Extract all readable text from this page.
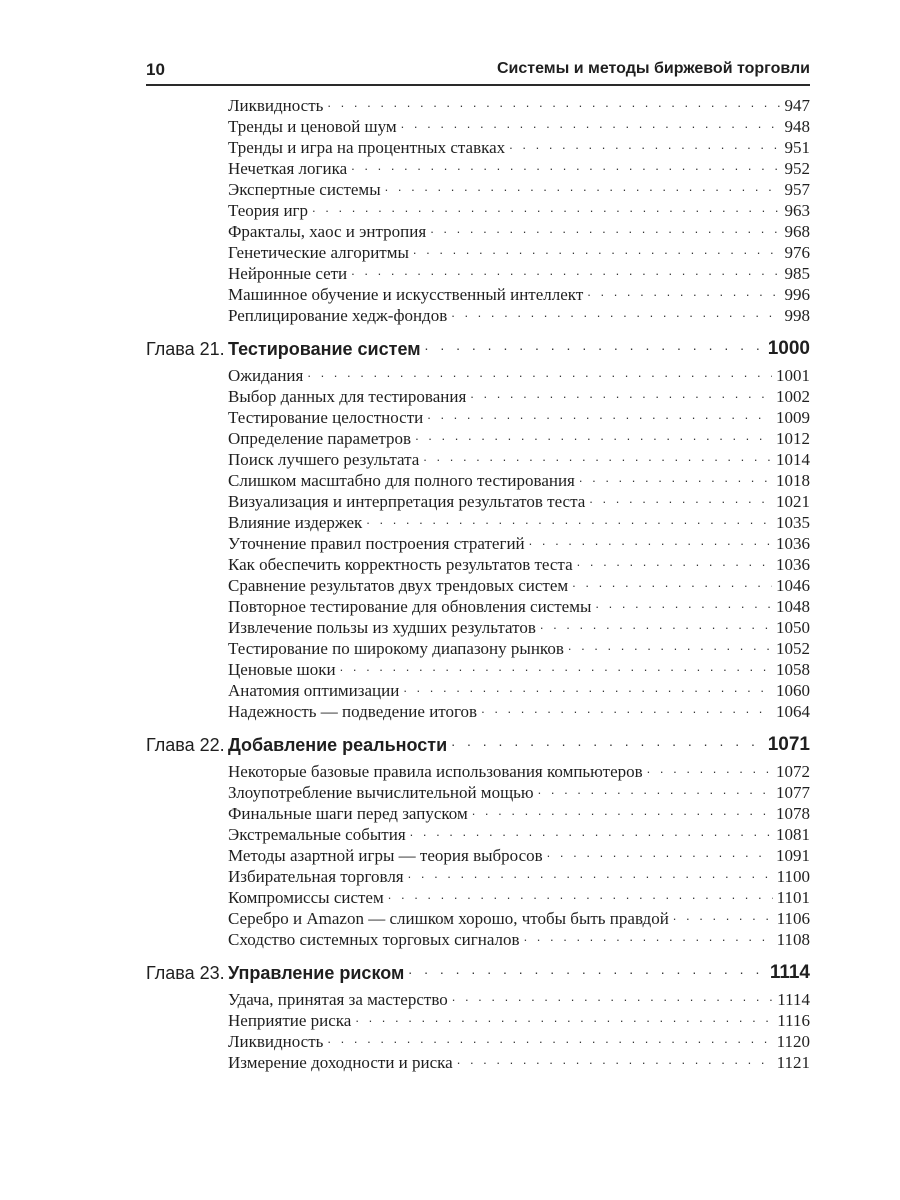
10	Системы и методы биржевой торговли
Ликвидность . . .	947
Тренды и ценовой шум . . .	948
Тренды и игра на процентных ставках . . .	951
Нечеткая логика . . .	952
Экспертные системы . . .	957
Теория игр . . .	963
Фракталы, хаос и энтропия . . .	968
Генетические алгоритмы . . .	976
Нейронные сети . . .	985
Машинное обучение и искусственный интеллект . . .	996
Реплицирование хедж-фондов . . .	998
Глава 21. Тестирование систем . . .	1000
Ожидания . . .	1001
Выбор данных для тестирования . . .	1002
Тестирование целостности . . .	1009
Определение параметров . . .	1012
Поиск лучшего результата . . .	1014
Слишком масштабно для полного тестирования . . .	1018
Визуализация и интерпретация результатов теста . . .	1021
Влияние издержек . . .	1035
Уточнение правил построения стратегий . . .	1036
Как обеспечить корректность результатов теста . . .	1036
Сравнение результатов двух трендовых систем . . .	1046
Повторное тестирование для обновления системы . . .	1048
Извлечение пользы из худших результатов . . .	1050
Тестирование по широкому диапазону рынков . . .	1052
Ценовые шоки . . .	1058
Анатомия оптимизации . . .	1060
Надежность — подведение итогов . . .	1064
Глава 22. Добавление реальности . . .	1071
Некоторые базовые правила использования компьютеров . . .	1072
Злоупотребление вычислительной мощью . . .	1077
Финальные шаги перед запуском . . .	1078
Экстремальные события . . .	1081
Методы азартной игры — теория выбросов . . .	1091
Избирательная торговля . . .	1100
Компромиссы систем . . .	1101
Серебро и Amazon — слишком хорошо, чтобы быть правдой . . .	1106
Сходство системных торговых сигналов . . .	1108
Глава 23. Управление риском . . .	1114
Удача, принятая за мастерство . . .	1114
Неприятие риска . . .	1116
Ликвидность . . .	1120
Измерение доходности и риска . . .	1121
